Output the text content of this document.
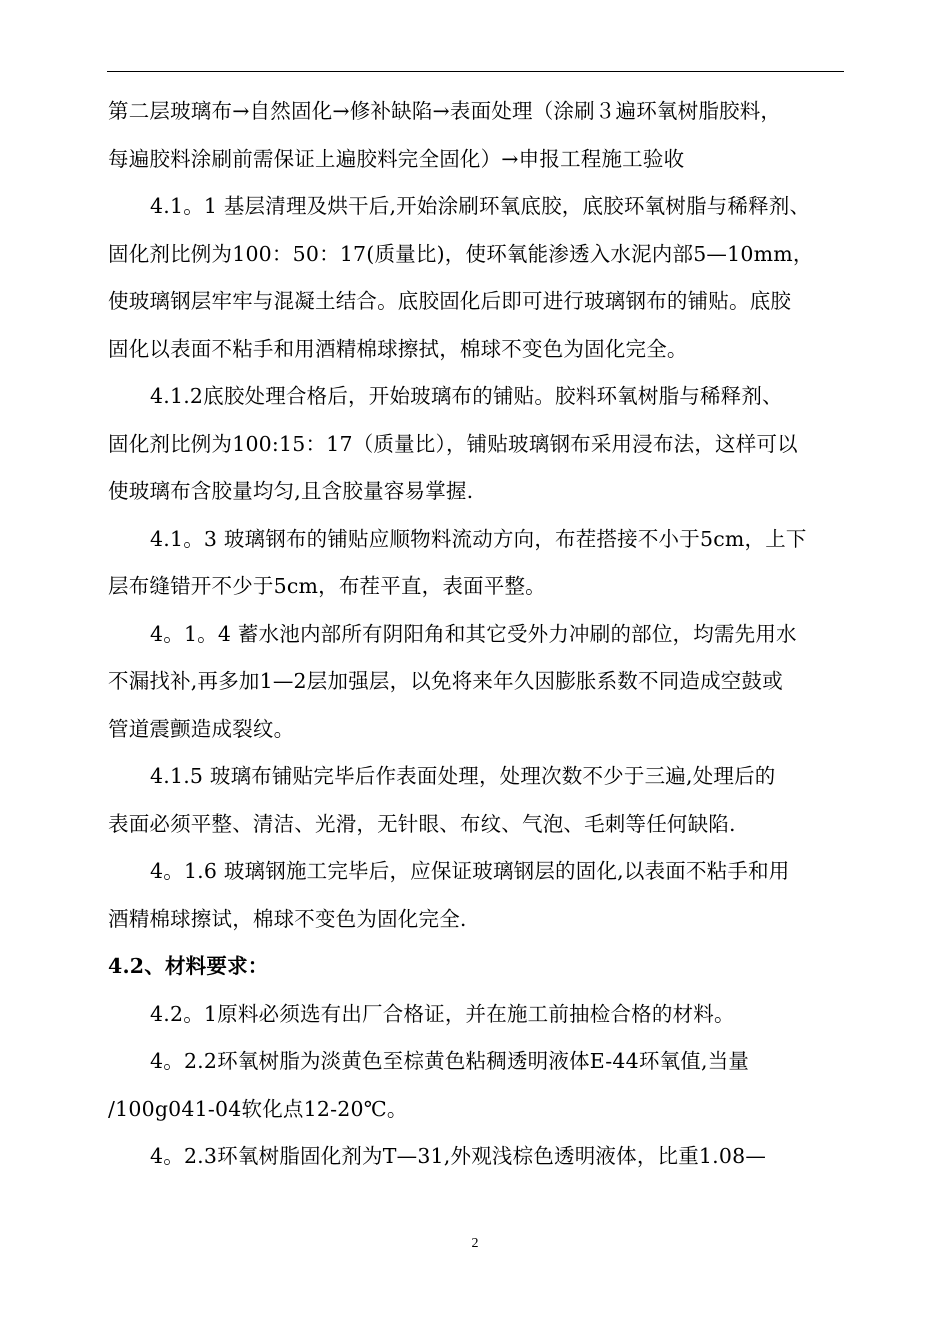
第二层玻璃布→自然固化→修补缺陷→表面处理（涂刷３遍环氧树脂胶料，
每遍胶料涂刷前需保证上遍胶料完全固化）→申报工程施工验收
4.1。1 基层清理及烘干后,开始涂刷环氧底胶，底胶环氧树脂与稀释剂、
固化剂比例为100：50：17(质量比)，使环氧能渗透入水泥内部5—10mm，
使玻璃钢层牢牢与混凝土结合。底胶固化后即可进行玻璃钢布的铺贴。底胶
固化以表面不粘手和用酒精棉球擦拭，棉球不变色为固化完全。
4.1.2底胶处理合格后，开始玻璃布的铺贴。胶料环氧树脂与稀释剂、
固化剂比例为100:15：17（质量比），铺贴玻璃钢布采用浸布法，这样可以
使玻璃布含胶量均匀,且含胶量容易掌握.
4.1。3 玻璃钢布的铺贴应顺物料流动方向，布茬搭接不小于5cm，上下
层布缝错开不少于5cm，布茬平直，表面平整。
4。1。4 蓄水池内部所有阴阳角和其它受外力冲刷的部位，均需先用水
不漏找补,再多加1—2层加强层，以免将来年久因膨胀系数不同造成空鼓或
管道震颤造成裂纹。
4.1.5 玻璃布铺贴完毕后作表面处理，处理次数不少于三遍,处理后的
表面必须平整、清洁、光滑，无针眼、布纹、气泡、毛刺等任何缺陷.
4。1.6 玻璃钢施工完毕后，应保证玻璃钢层的固化,以表面不粘手和用
酒精棉球擦试，棉球不变色为固化完全.
4.2、材料要求：
4.2。1原料必须选有出厂合格证，并在施工前抽检合格的材料。
4。2.2环氧树脂为淡黄色至棕黄色粘稠透明液体E-44环氧值,当量
/100g041-04软化点12-20℃。
4。2.3环氧树脂固化剂为T—31,外观浅棕色透明液体，比重1.08—
2
